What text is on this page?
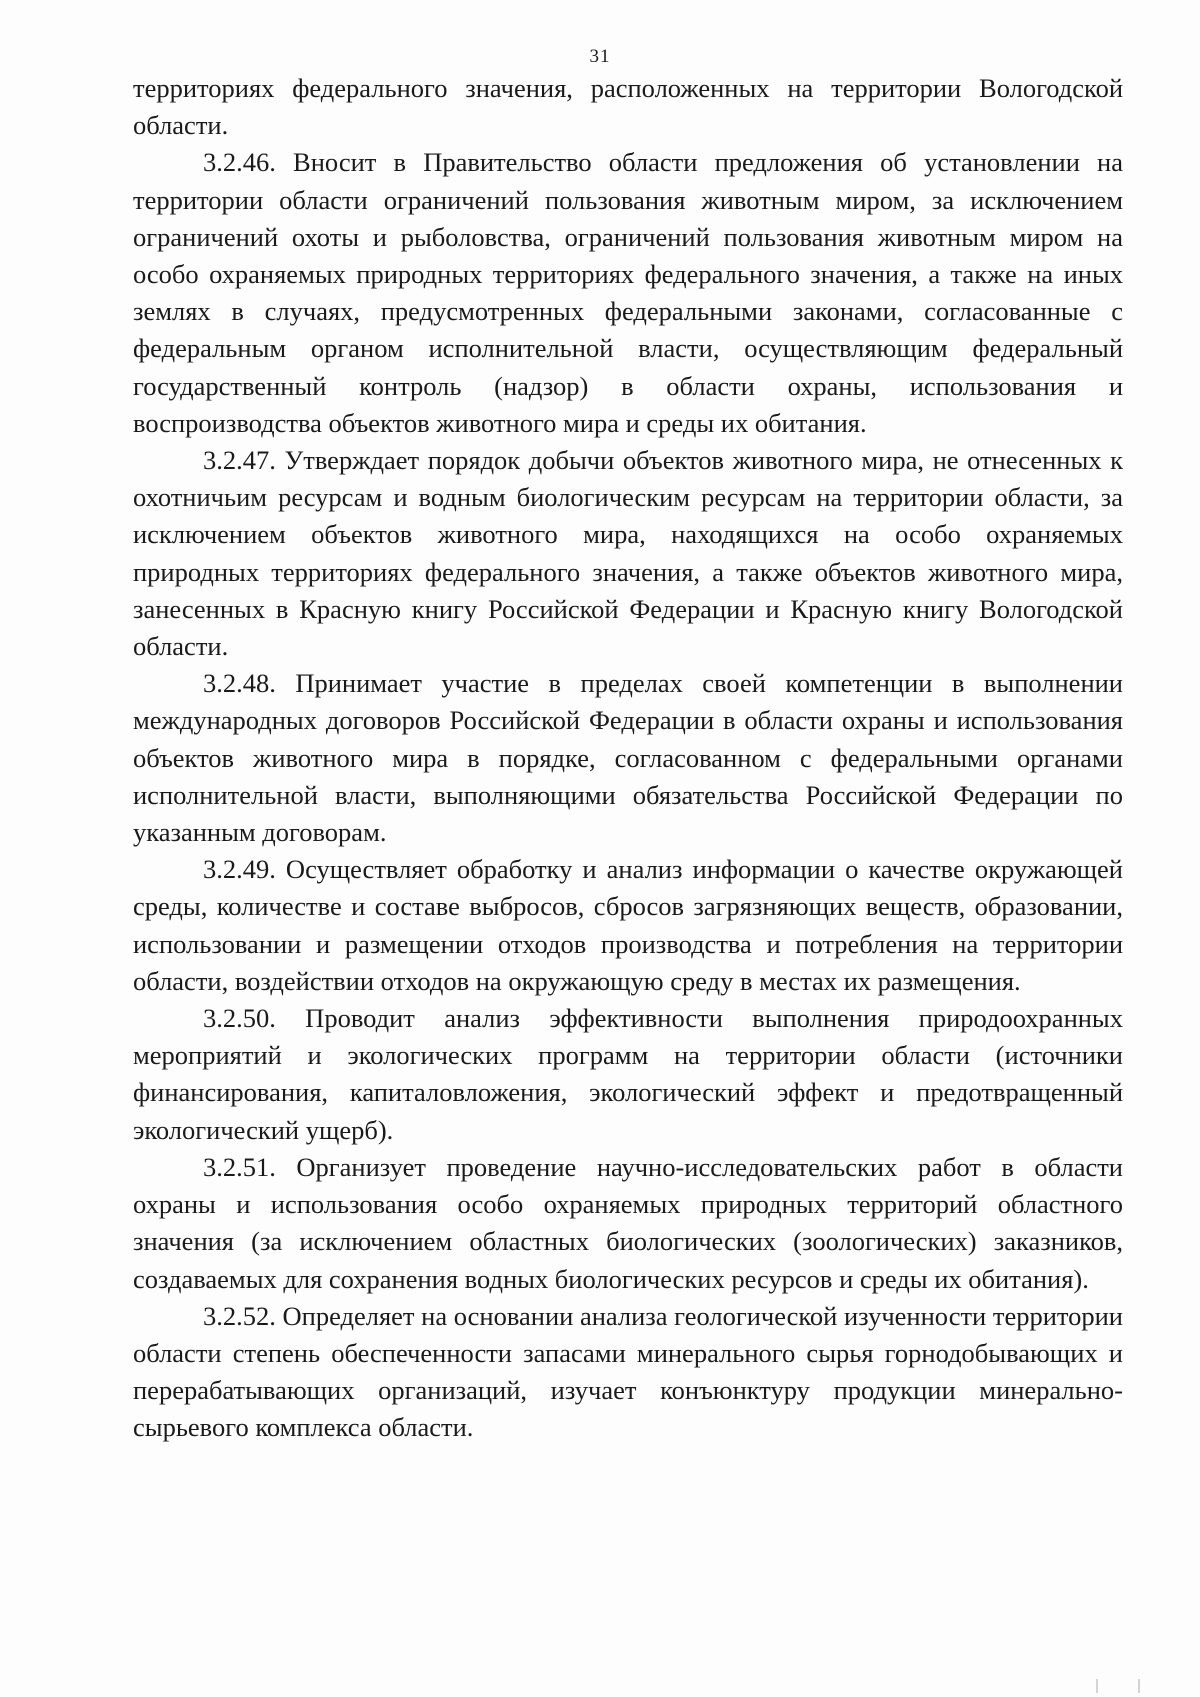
31

территориях федерального значения, расположенных на территории Вологодской области.

3.2.46. Вносит в Правительство области предложения об установлении на территории области ограничений пользования животным миром, за исключением ограничений охоты и рыболовства, ограничений пользования животным миром на особо охраняемых природных территориях федерального значения, а также на иных землях в случаях, предусмотренных федеральными законами, согласованные с федеральным органом исполнительной власти, осуществляющим федеральный государственный контроль (надзор) в области охраны, использования и воспроизводства объектов животного мира и среды их обитания.

3.2.47. Утверждает порядок добычи объектов животного мира, не отнесенных к охотничьим ресурсам и водным биологическим ресурсам на территории области, за исключением объектов животного мира, находящихся на особо охраняемых природных территориях федерального значения, а также объектов животного мира, занесенных в Красную книгу Российской Федерации и Красную книгу Вологодской области.

3.2.48. Принимает участие в пределах своей компетенции в выполнении международных договоров Российской Федерации в области охраны и использования объектов животного мира в порядке, согласованном с федеральными органами исполнительной власти, выполняющими обязательства Российской Федерации по указанным договорам.

3.2.49. Осуществляет обработку и анализ информации о качестве окружающей среды, количестве и составе выбросов, сбросов загрязняющих веществ, образовании, использовании и размещении отходов производства и потребления на территории области, воздействии отходов на окружающую среду в местах их размещения.

3.2.50. Проводит анализ эффективности выполнения природоохранных мероприятий и экологических программ на территории области (источники финансирования, капиталовложения, экологический эффект и предотвращенный экологический ущерб).

3.2.51. Организует проведение научно-исследовательских работ в области охраны и использования особо охраняемых природных территорий областного значения (за исключением областных биологических (зоологических) заказников, создаваемых для сохранения водных биологических ресурсов и среды их обитания).

3.2.52. Определяет на основании анализа геологической изученности территории области степень обеспеченности запасами минерального сырья горнодобывающих и перерабатывающих организаций, изучает конъюнктуру продукции минерально-сырьевого комплекса области.
